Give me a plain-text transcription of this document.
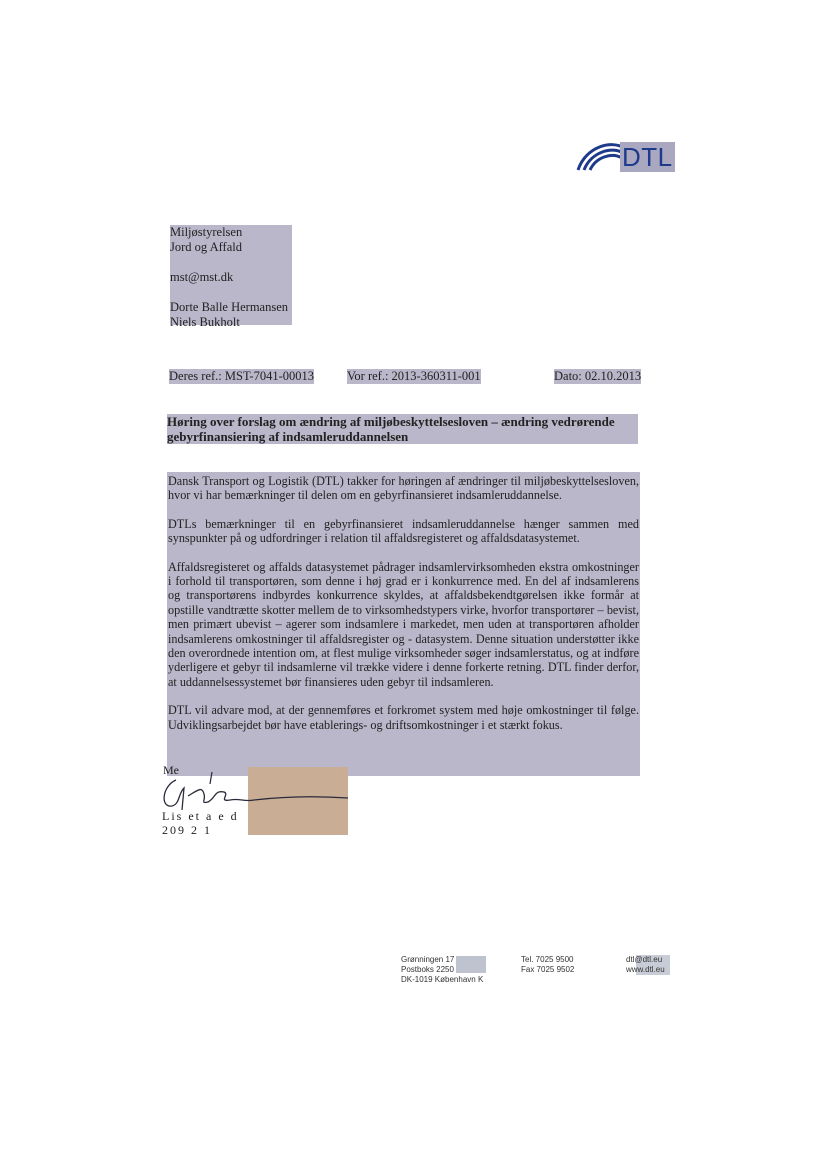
DTL
Miljøstyrelsen
Jord og Affald

mst@mst.dk

Dorte Balle Hermansen
Niels Bukholt
Deres ref.: MST-7041-00013	Vor ref.: 2013-360311-001	Dato: 02.10.2013
Høring over forslag om ændring af miljøbeskyttelsesloven – ændring vedrørende gebyrfinansiering af indsamleruddannelsen

Dansk Transport og Logistik (DTL) takker for høringen af ændringer til miljøbeskyttelsesloven, hvor vi har bemærkninger til delen om en gebyrfinansieret indsamleruddannelse.

DTLs bemærkninger til en gebyrfinansieret indsamleruddannelse hænger sammen med synspunkter på og udfordringer i relation til affaldsregisteret og affaldsdatasystemet.

Affaldsregisteret og affalds datasystemet pådrager indsamlervirksomheden ekstra omkostninger i forhold til transportøren, som denne i høj grad er i konkurrence med. En del af indsamlerens og transportørens indbyrdes konkurrence skyldes, at affaldsbekendtgørelsen ikke formår at opstille vandtrætte skotter mellem de to virksomhedstypers virke, hvorfor transportører – bevist, men primært ubevist – agerer som indsamlere i markedet, men uden at transportøren afholder indsamlerens omkostninger til affaldsregister og - datasystem. Denne situation understøtter ikke den overordnede intention om, at flest mulige virksomheder søger indsamlerstatus, og at indføre yderligere et gebyr til indsamlerne vil trække videre i denne forkerte retning. DTL finder derfor, at uddannelsessystemet bør finansieres uden gebyr til indsamleren.

DTL vil advare mod, at der gennemføres et forkromet system med høje omkostninger til følge. Udviklingsarbejdet bør have etablerings- og driftsomkostninger i et stærkt fokus.

Me
Lis et a e d
209 2 1
Grønningen 17
Postboks 2250
DK-1019 København K
Tel. 7025 9500
Fax 7025 9502
dtl@dtl.eu
www.dtl.eu
